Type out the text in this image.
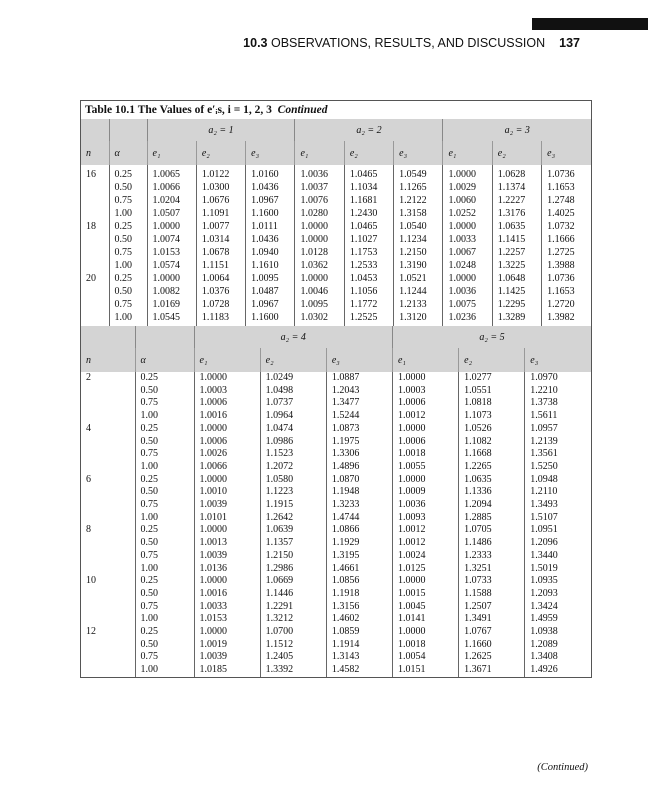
10.3 OBSERVATIONS, RESULTS, AND DISCUSSION 137
Table 10.1 The Values of e′ᵢs, i = 1, 2, 3 Continued
		a₂ = 1			a₂ = 2			a₂ = 3		
n	α	e₁	e₂	e₃	e₁	e₂	e₃	e₁	e₂	e₃
16	0.25	1.0065	1.0122	1.0160	1.0036	1.0465	1.0549	1.0000	1.0628	1.0736
	0.50	1.0066	1.0300	1.0436	1.0037	1.1034	1.1265	1.0029	1.1374	1.1653
	0.75	1.0204	1.0676	1.0967	1.0076	1.1681	1.2122	1.0060	1.2227	1.2748
	1.00	1.0507	1.1091	1.1600	1.0280	1.2430	1.3158	1.0252	1.3176	1.4025
18	0.25	1.0000	1.0077	1.0111	1.0000	1.0465	1.0540	1.0000	1.0635	1.0732
	0.50	1.0074	1.0314	1.0436	1.0000	1.1027	1.1234	1.0033	1.1415	1.1666
	0.75	1.0153	1.0678	1.0940	1.0128	1.1753	1.2150	1.0067	1.2257	1.2725
	1.00	1.0574	1.1151	1.1610	1.0362	1.2533	1.3190	1.0248	1.3225	1.3988
20	0.25	1.0000	1.0064	1.0095	1.0000	1.0453	1.0521	1.0000	1.0648	1.0736
	0.50	1.0082	1.0376	1.0487	1.0046	1.1056	1.1244	1.0036	1.1425	1.1653
	0.75	1.0169	1.0728	1.0967	1.0095	1.1772	1.2133	1.0075	1.2295	1.2720
	1.00	1.0545	1.1183	1.1600	1.0302	1.2525	1.3120	1.0236	1.3289	1.3982
		a₂ = 4			a₂ = 5		
n	α	e₁	e₂	e₃	e₁	e₂	e₃
2	0.25	1.0000	1.0249	1.0887	1.0000	1.0277	1.0970
	0.50	1.0003	1.0498	1.2043	1.0003	1.0551	1.2210
	0.75	1.0006	1.0737	1.3477	1.0006	1.0818	1.3738
	1.00	1.0016	1.0964	1.5244	1.0012	1.1073	1.5611
4	0.25	1.0000	1.0474	1.0873	1.0000	1.0526	1.0957
	0.50	1.0006	1.0986	1.1975	1.0006	1.1082	1.2139
	0.75	1.0026	1.1523	1.3306	1.0018	1.1668	1.3561
	1.00	1.0066	1.2072	1.4896	1.0055	1.2265	1.5250
6	0.25	1.0000	1.0580	1.0870	1.0000	1.0635	1.0948
	0.50	1.0010	1.1223	1.1948	1.0009	1.1336	1.2110
	0.75	1.0039	1.1915	1.3233	1.0036	1.2094	1.3493
	1.00	1.0101	1.2642	1.4744	1.0093	1.2885	1.5107
8	0.25	1.0000	1.0639	1.0866	1.0012	1.0705	1.0951
	0.50	1.0013	1.1357	1.1929	1.0012	1.1486	1.2096
	0.75	1.0039	1.2150	1.3195	1.0024	1.2333	1.3440
	1.00	1.0136	1.2986	1.4661	1.0125	1.3251	1.5019
10	0.25	1.0000	1.0669	1.0856	1.0000	1.0733	1.0935
	0.50	1.0016	1.1446	1.1918	1.0015	1.1588	1.2093
	0.75	1.0033	1.2291	1.3156	1.0045	1.2507	1.3424
	1.00	1.0153	1.3212	1.4602	1.0141	1.3491	1.4959
12	0.25	1.0000	1.0700	1.0859	1.0000	1.0767	1.0938
	0.50	1.0019	1.1512	1.1914	1.0018	1.1660	1.2089
	0.75	1.0039	1.2405	1.3143	1.0054	1.2625	1.3408
	1.00	1.0185	1.3392	1.4582	1.0151	1.3671	1.4926
(Continued)
